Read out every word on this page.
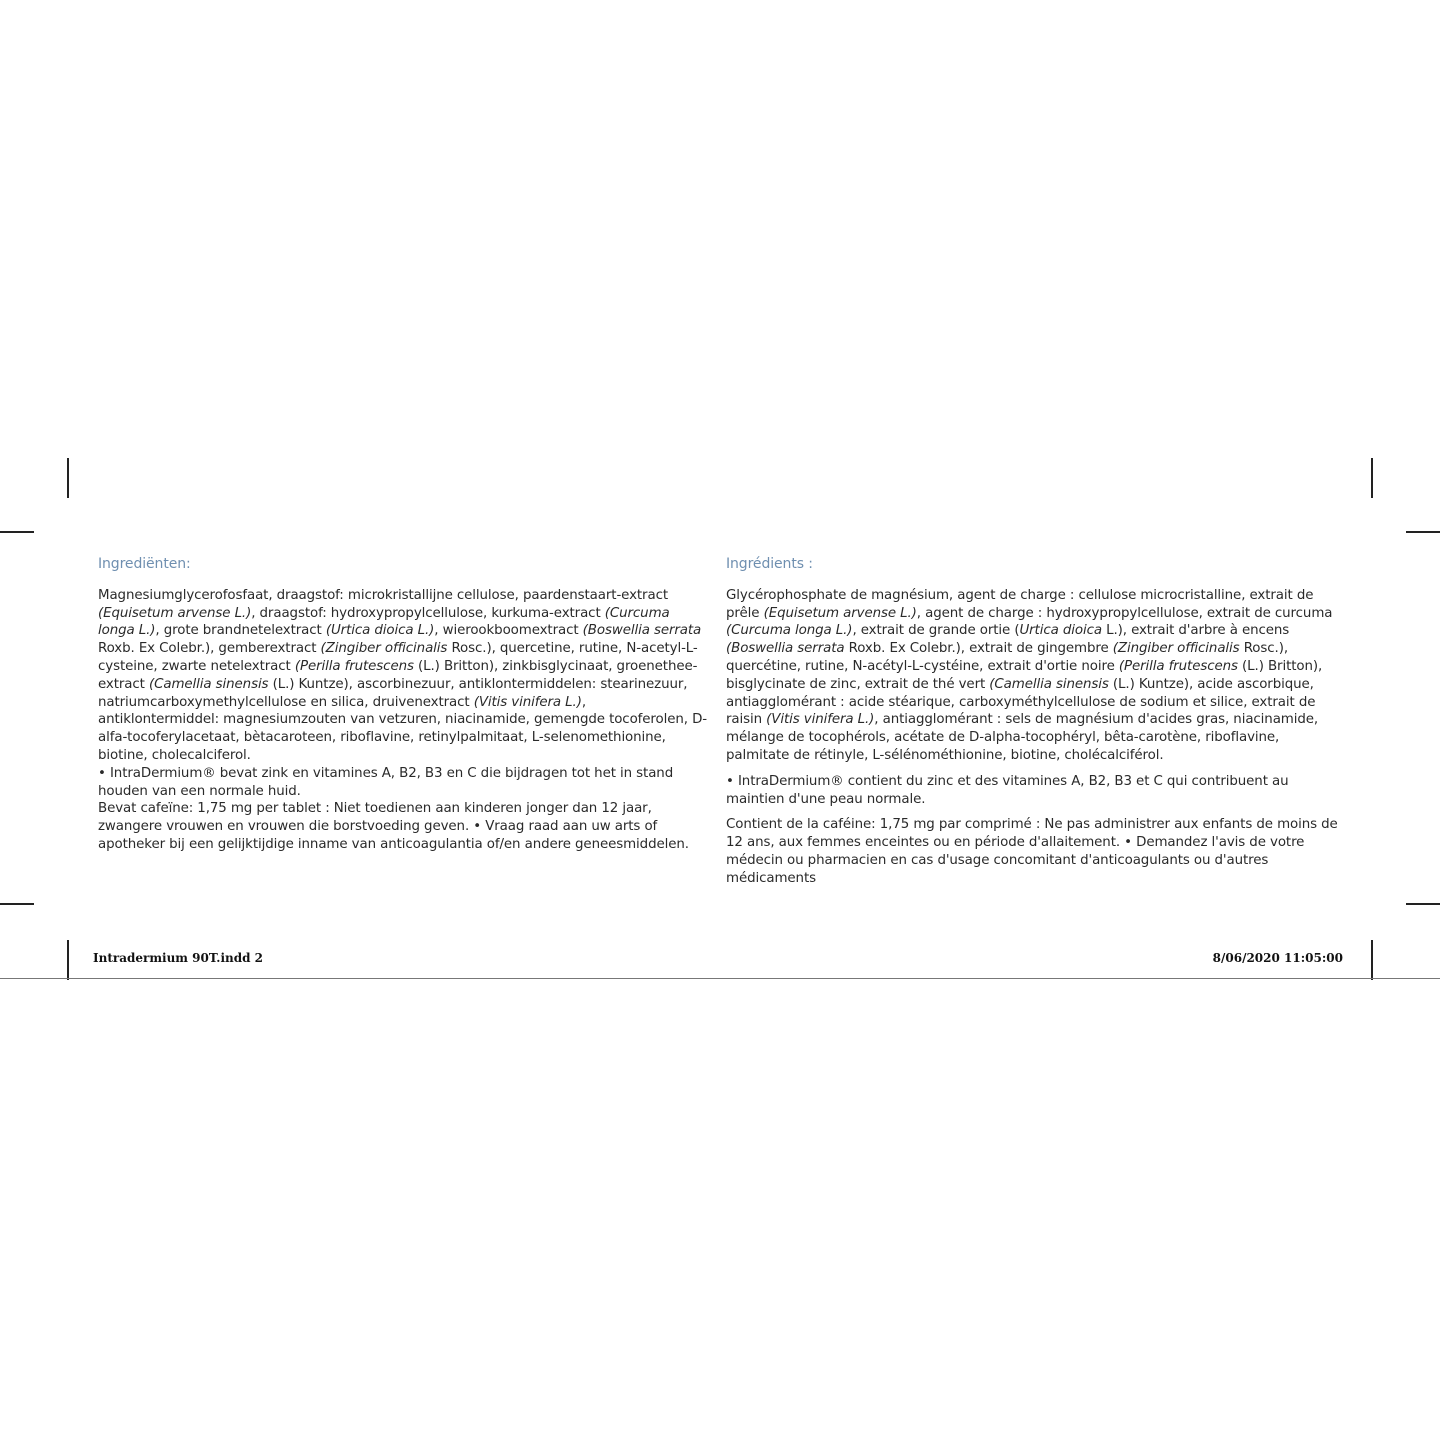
Ingrediënten:

Magnesiumglycerofosfaat, draagstof: microkristallijne cellulose, paardenstaart-extract (Equisetum arvense L.), draagstof: hydroxypropylcellulose, kurkuma-extract (Curcuma longa L.), grote brandnetelextract (Urtica dioica L.), wierookboomextract (Boswellia serrata Roxb. Ex Colebr.), gemberextract (Zingiber officinalis Rosc.), quercetine, rutine, N-acetyl-L-cysteine, zwarte netelextract (Perilla frutescens (L.) Britton), zinkbisglycinaat, groenethee-extract (Camellia sinensis (L.) Kuntze), ascorbinezuur, antiklontermiddelen: stearinezuur, natriumcarboxymethylcellulose en silica, druivenextract (Vitis vinifera L.), antiklontermiddel: magnesiumzouten van vetzuren, niacinamide, gemengde tocoferolen, D-alfa-tocoferylacetaat, bètacaroteen, riboflavine, retinylpalmitaat, L-selenomethionine, biotine, cholecalciferol.

• IntraDermium® bevat zink en vitamines A, B2, B3 en C die bijdragen tot het in stand houden van een normale huid.

Bevat cafeïne: 1,75 mg per tablet : Niet toedienen aan kinderen jonger dan 12 jaar, zwangere vrouwen en vrouwen die borstvoeding geven. • Vraag raad aan uw arts of apotheker bij een gelijktijdige inname van anticoagulantia of/en andere geneesmiddelen.

Ingrédients :

Glycérophosphate de magnésium, agent de charge : cellulose microcristalline, extrait de prêle (Equisetum arvense L.), agent de charge : hydroxypropylcellulose, extrait de curcuma (Curcuma longa L.), extrait de grande ortie (Urtica dioica L.), extrait d'arbre à encens (Boswellia serrata Roxb. Ex Colebr.), extrait de gingembre (Zingiber officinalis Rosc.), quercétine, rutine, N-acétyl-L-cystéine, extrait d'ortie noire (Perilla frutescens (L.) Britton), bisglycinate de zinc, extrait de thé vert (Camellia sinensis (L.) Kuntze), acide ascorbique, antiagglomérant : acide stéarique, carboxyméthylcellulose de sodium et silice, extrait de raisin (Vitis vinifera L.), antiagglomérant : sels de magnésium d'acides gras, niacinamide, mélange de tocophérols, acétate de D-alpha-tocophéryl, bêta-carotène, riboflavine, palmitate de rétinyle, L-sélénométhionine, biotine, cholécalciférol.

• IntraDermium® contient du zinc et des vitamines A, B2, B3 et C qui contribuent au maintien d'une peau normale.

Contient de la caféine: 1,75 mg par comprimé : Ne pas administrer aux enfants de moins de 12 ans, aux femmes enceintes ou en période d'allaitement. • Demandez l'avis de votre médecin ou pharmacien en cas d'usage concomitant d'anticoagulants ou d'autres médicaments

Intradermium 90T.indd 2	8/06/2020 11:05:00
